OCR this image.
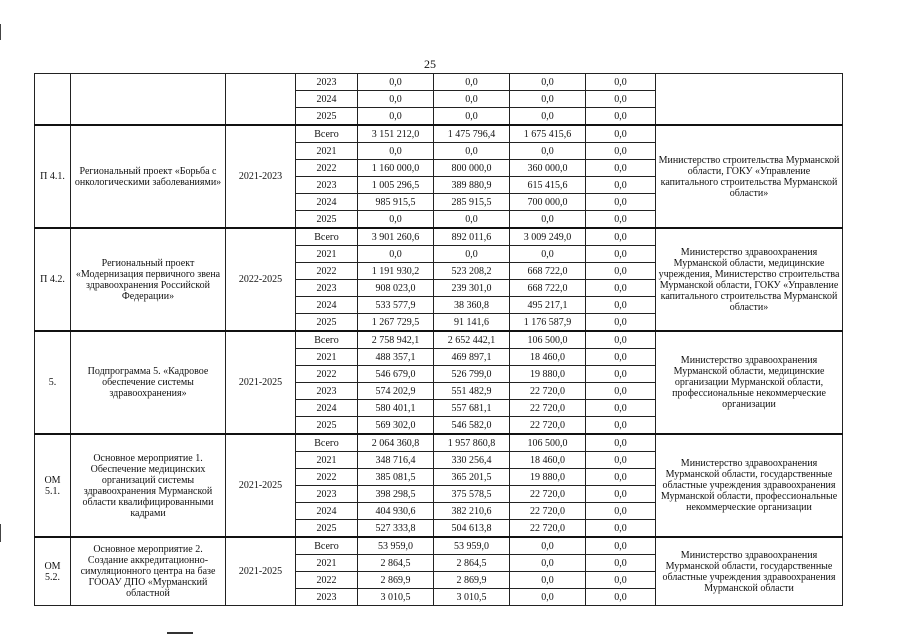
25
			2023	0,0	0,0	0,0	0,0	
			2024	0,0	0,0	0,0	0,0	
			2025	0,0	0,0	0,0	0,0	
П 4.1.	Региональный проект «Борьба с онкологическими заболеваниями»	2021-2023	Всего	3 151 212,0	1 475 796,4	1 675 415,6	0,0	Министерство строительства Мурманской области, ГОКУ «Управление капитального строительства Мурманской области»
			2021	0,0	0,0	0,0	0,0	
			2022	1 160 000,0	800 000,0	360 000,0	0,0	
			2023	1 005 296,5	389 880,9	615 415,6	0,0	
			2024	985 915,5	285 915,5	700 000,0	0,0	
			2025	0,0	0,0	0,0	0,0	
П 4.2.	Региональный проект «Модернизация первичного звена здравоохранения Российской Федерации»	2022-2025	Всего	3 901 260,6	892 011,6	3 009 249,0	0,0	Министерство здравоохранения Мурманской области, медицинские учреждения, Министерство строительства Мурманской области, ГОКУ «Управление капитального строительства Мурманской области»
			2021	0,0	0,0	0,0	0,0	
			2022	1 191 930,2	523 208,2	668 722,0	0,0	
			2023	908 023,0	239 301,0	668 722,0	0,0	
			2024	533 577,9	38 360,8	495 217,1	0,0	
			2025	1 267 729,5	91 141,6	1 176 587,9	0,0	
5.	Подпрограмма 5. «Кадровое обеспечение системы здравоохранения»	2021-2025	Всего	2 758 942,1	2 652 442,1	106 500,0	0,0	Министерство здравоохранения Мурманской области, медицинские организации Мурманской области, профессиональные некоммерческие организации
			2021	488 357,1	469 897,1	18 460,0	0,0	
			2022	546 679,0	526 799,0	19 880,0	0,0	
			2023	574 202,9	551 482,9	22 720,0	0,0	
			2024	580 401,1	557 681,1	22 720,0	0,0	
			2025	569 302,0	546 582,0	22 720,0	0,0	
ОМ 5.1.	Основное мероприятие 1. Обеспечение медицинских организаций системы здравоохранения Мурманской области квалифицированными кадрами	2021-2025	Всего	2 064 360,8	1 957 860,8	106 500,0	0,0	Министерство здравоохранения Мурманской области, государственные областные учреждения здравоохранения Мурманской области, профессиональные некоммерческие организации
			2021	348 716,4	330 256,4	18 460,0	0,0	
			2022	385 081,5	365 201,5	19 880,0	0,0	
			2023	398 298,5	375 578,5	22 720,0	0,0	
			2024	404 930,6	382 210,6	22 720,0	0,0	
			2025	527 333,8	504 613,8	22 720,0	0,0	
ОМ 5.2.	Основное мероприятие 2. Создание аккредитационно-симуляционного центра на базе ГООАУ ДПО «Мурманский областной	2021-2025	Всего	53 959,0	53 959,0	0,0	0,0	Министерство здравоохранения Мурманской области, государственные областные учреждения здравоохранения Мурманской области
			2021	2 864,5	2 864,5	0,0	0,0	
			2022	2 869,9	2 869,9	0,0	0,0	
			2023	3 010,5	3 010,5	0,0	0,0	
